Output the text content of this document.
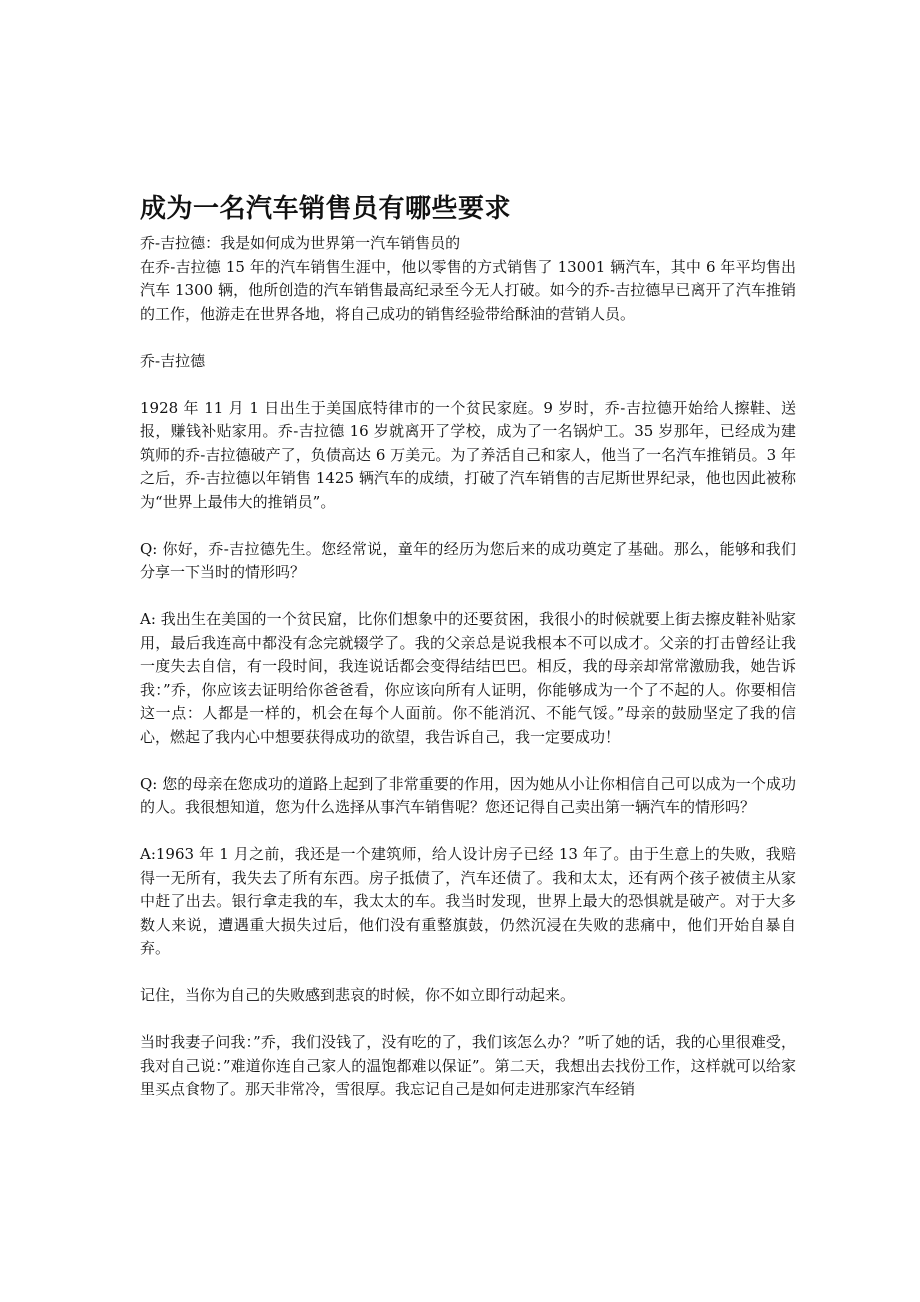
成为一名汽车销售员有哪些要求

乔-吉拉德：我是如何成为世界第一汽车销售员的

在乔-吉拉德 15 年的汽车销售生涯中，他以零售的方式销售了 13001 辆汽车，其中 6 年平均售出汽车 1300 辆，他所创造的汽车销售最高纪录至今无人打破。如今的乔-吉拉德早已离开了汽车推销的工作，他游走在世界各地，将自己成功的销售经验带给酥油的营销人员。

乔-吉拉德

1928 年 11 月 1 日出生于美国底特律市的一个贫民家庭。9 岁时，乔-吉拉德开始给人擦鞋、送报，赚钱补贴家用。乔-吉拉德 16 岁就离开了学校，成为了一名锅炉工。35 岁那年，已经成为建筑师的乔-吉拉德破产了，负债高达 6 万美元。为了养活自己和家人，他当了一名汽车推销员。3 年之后，乔-吉拉德以年销售 1425 辆汽车的成绩，打破了汽车销售的吉尼斯世界纪录，他也因此被称为“世界上最伟大的推销员”。

Q: 你好，乔-吉拉德先生。您经常说，童年的经历为您后来的成功奠定了基础。那么，能够和我们分享一下当时的情形吗？

A: 我出生在美国的一个贫民窟，比你们想象中的还要贫困，我很小的时候就要上街去擦皮鞋补贴家用，最后我连高中都没有念完就辍学了。我的父亲总是说我根本不可以成才。父亲的打击曾经让我一度失去自信，有一段时间，我连说话都会变得结结巴巴。相反，我的母亲却常常激励我，她告诉我：”乔，你应该去证明给你爸爸看，你应该向所有人证明，你能够成为一个了不起的人。你要相信这一点：人都是一样的，机会在每个人面前。你不能消沉、不能气馁。”母亲的鼓励坚定了我的信心，燃起了我内心中想要获得成功的欲望，我告诉自己，我一定要成功！

Q: 您的母亲在您成功的道路上起到了非常重要的作用，因为她从小让你相信自己可以成为一个成功的人。我很想知道，您为什么选择从事汽车销售呢？您还记得自己卖出第一辆汽车的情形吗？

A:1963 年 1 月之前，我还是一个建筑师，给人设计房子已经 13 年了。由于生意上的失败，我赔得一无所有，我失去了所有东西。房子抵债了，汽车还债了。我和太太，还有两个孩子被债主从家中赶了出去。银行拿走我的车，我太太的车。我当时发现，世界上最大的恐惧就是破产。对于大多数人来说，遭遇重大损失过后，他们没有重整旗鼓，仍然沉浸在失败的悲痛中，他们开始自暴自弃。

记住，当你为自己的失败感到悲哀的时候，你不如立即行动起来。

当时我妻子问我：”乔，我们没钱了，没有吃的了，我们该怎么办？”听了她的话，我的心里很难受，我对自己说：”难道你连自己家人的温饱都难以保证”。第二天，我想出去找份工作，这样就可以给家里买点食物了。那天非常冷，雪很厚。我忘记自己是如何走进那家汽车经销
